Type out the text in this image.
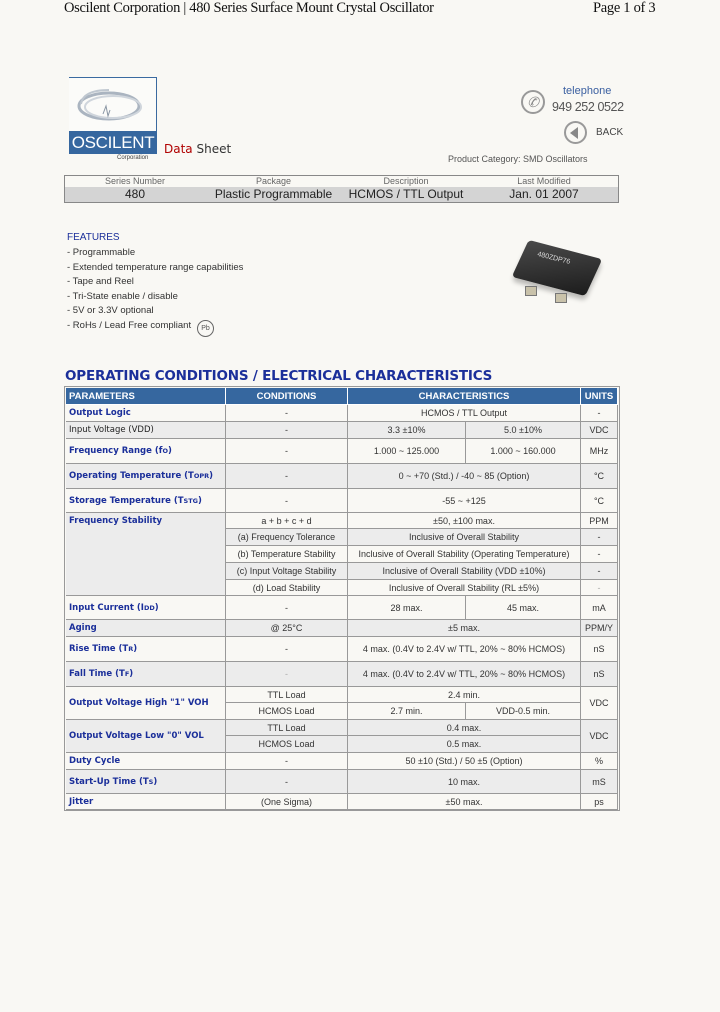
Oscilent Corporation | 480 Series Surface Mount Crystal Oscillator	Page 1 of 3
OSCILENT
Corporation
Data Sheet
✆
telephone
949 252 0522
BACK
Product Category: SMD Oscillators
Series Number	Package	Description	Last Modified
480	Plastic Programmable	HCMOS / TTL Output	Jan. 01 2007
FEATURES
- Programmable
- Extended temperature range capabilities
- Tape and Reel
- Tri-State enable / disable
- 5V or 3.3V optional
- RoHs / Lead Free compliant	Pb
480ZDP76
OPERATING CONDITIONS / ELECTRICAL CHARACTERISTICS
PARAMETERS	CONDITIONS	CHARACTERISTICS	UNITS
Output Logic	-	HCMOS / TTL Output	-
Input Voltage (VDD)	-	3.3 ±10%	5.0 ±10%	VDC
Frequency Range (f O )	-	1.000 ~ 125.000	1.000 ~ 160.000	MHz
Operating Temperature (T OPR )	-	0 ~ +70 (Std.) / -40 ~ 85 (Option)	°C
Storage Temperature (T STG )	-	-55 ~ +125	°C
Frequency Stability	a + b + c + d	±50, ±100 max.	PPM
(a) Frequency Tolerance	Inclusive of Overall Stability	-
(b) Temperature Stability	Inclusive of Overall Stability (Operating Temperature)	-
(c) Input Voltage Stability	Inclusive of Overall Stability (VDD ±10%)	-
(d) Load Stability	Inclusive of Overall Stability (RL ±5%)	-
Input Current (I DD )	-	28 max.	45 max.	mA
Aging	@ 25°C	±5 max.	PPM/Y
Rise Time (T R )	-	4 max. (0.4V to 2.4V w/ TTL, 20% ~ 80% HCMOS)	nS
Fall Time (T F )	-	4 max. (0.4V to 2.4V w/ TTL, 20% ~ 80% HCMOS)	nS
Output Voltage High "1" VOH
TTL Load	2.4 min.
HCMOS Load	2.7 min.	VDD-0.5 min.
VDC
Output Voltage Low "0" VOL
TTL Load	0.4 max.
HCMOS Load	0.5 max.
VDC
Duty Cycle	-	50 ±10 (Std.) / 50 ±5 (Option)	%
Start-Up Time (T S )	-	10 max.	mS
Jitter	(One Sigma)	±50 max.	ps
